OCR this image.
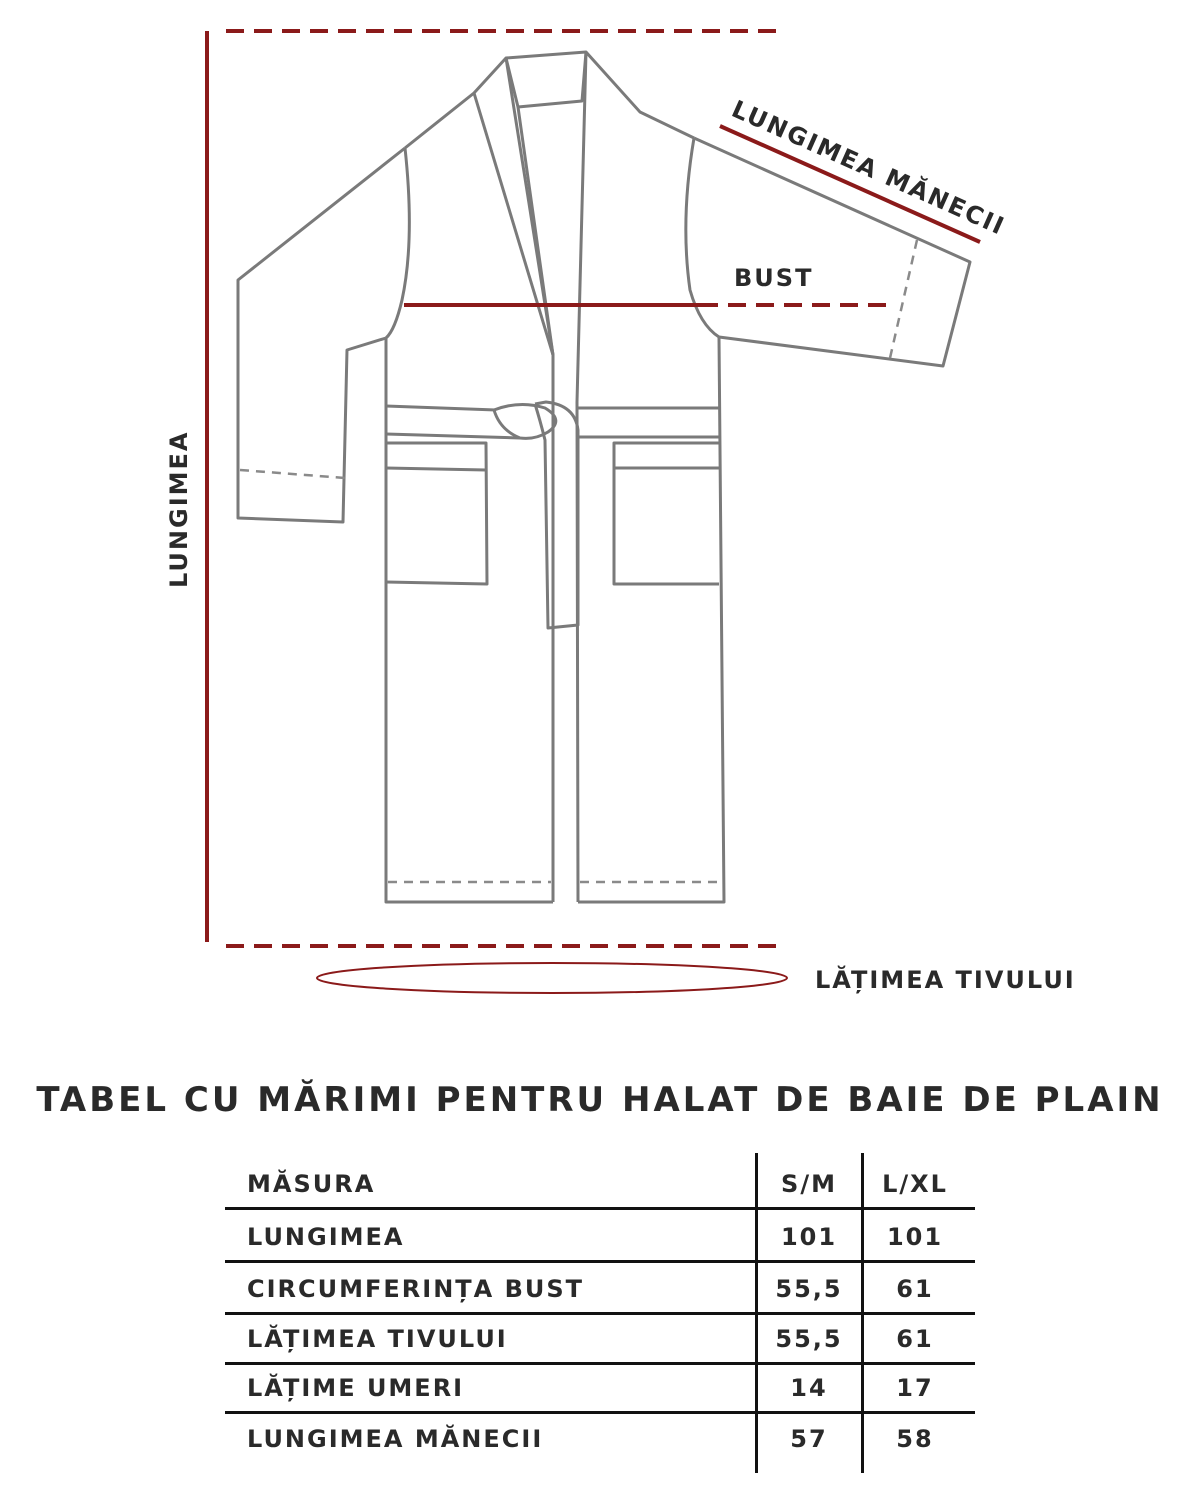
LUNGIMEA
LUNGIMEA MĂNECII
BUST
LĂȚIMEA TIVULUI
TABEL CU MĂRIMI PENTRU HALAT DE BAIE DE PLAIN
MĂSURA	S/M	L/XL
LUNGIMEA	101	101
CIRCUMFERINȚA BUST	55,5	61
LĂȚIMEA TIVULUI	55,5	61
LĂȚIME UMERI	14	17
LUNGIMEA MĂNECII	57	58
